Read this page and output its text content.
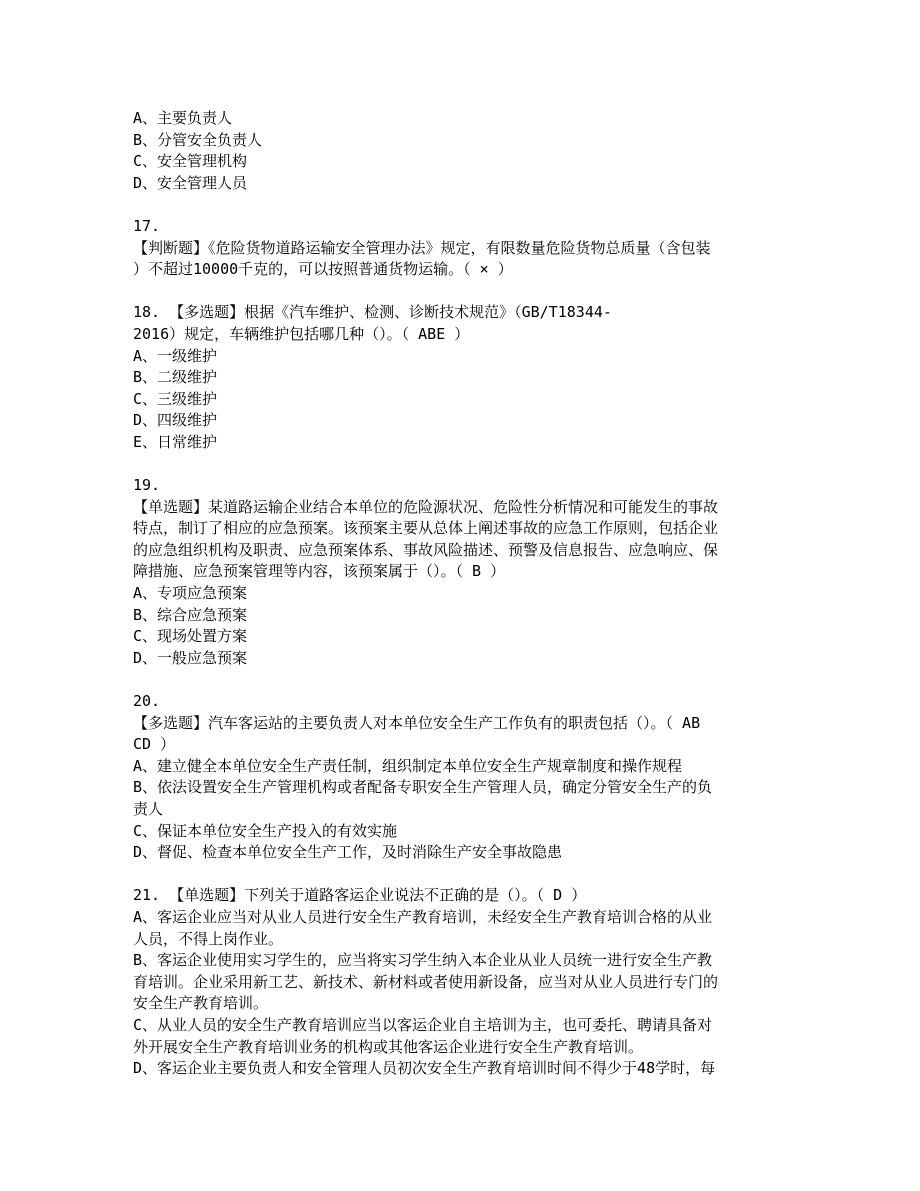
A、主要负责人
B、分管安全负责人
C、安全管理机构
D、安全管理人员
17.
【判断题】《危险货物道路运输安全管理办法》规定，有限数量危险货物总质量（含包装
）不超过10000千克的，可以按照普通货物运输。（ × ）
18. 【多选题】根据《汽车维护、检测、诊断技术规范》（GB/T18344-
2016）规定，车辆维护包括哪几种（）。（ ABE ）
A、一级维护
B、二级维护
C、三级维护
D、四级维护
E、日常维护
19.
【单选题】某道路运输企业结合本单位的危险源状况、危险性分析情况和可能发生的事故
特点，制订了相应的应急预案。该预案主要从总体上阐述事故的应急工作原则，包括企业
的应急组织机构及职责、应急预案体系、事故风险描述、预警及信息报告、应急响应、保
障措施、应急预案管理等内容，该预案属于（）。（ B ）
A、专项应急预案
B、综合应急预案
C、现场处置方案
D、一般应急预案
20.
【多选题】汽车客运站的主要负责人对本单位安全生产工作负有的职责包括（）。（ AB
CD ）
A、建立健全本单位安全生产责任制，组织制定本单位安全生产规章制度和操作规程
B、依法设置安全生产管理机构或者配备专职安全生产管理人员，确定分管安全生产的负
责人
C、保证本单位安全生产投入的有效实施
D、督促、检查本单位安全生产工作，及时消除生产安全事故隐患
21. 【单选题】下列关于道路客运企业说法不正确的是（）。（ D ）
A、客运企业应当对从业人员进行安全生产教育培训，未经安全生产教育培训合格的从业
人员，不得上岗作业。
B、客运企业使用实习学生的，应当将实习学生纳入本企业从业人员统一进行安全生产教
育培训。企业采用新工艺、新技术、新材料或者使用新设备，应当对从业人员进行专门的
安全生产教育培训。
C、从业人员的安全生产教育培训应当以客运企业自主培训为主，也可委托、聘请具备对
外开展安全生产教育培训业务的机构或其他客运企业进行安全生产教育培训。
D、客运企业主要负责人和安全管理人员初次安全生产教育培训时间不得少于48学时，每
